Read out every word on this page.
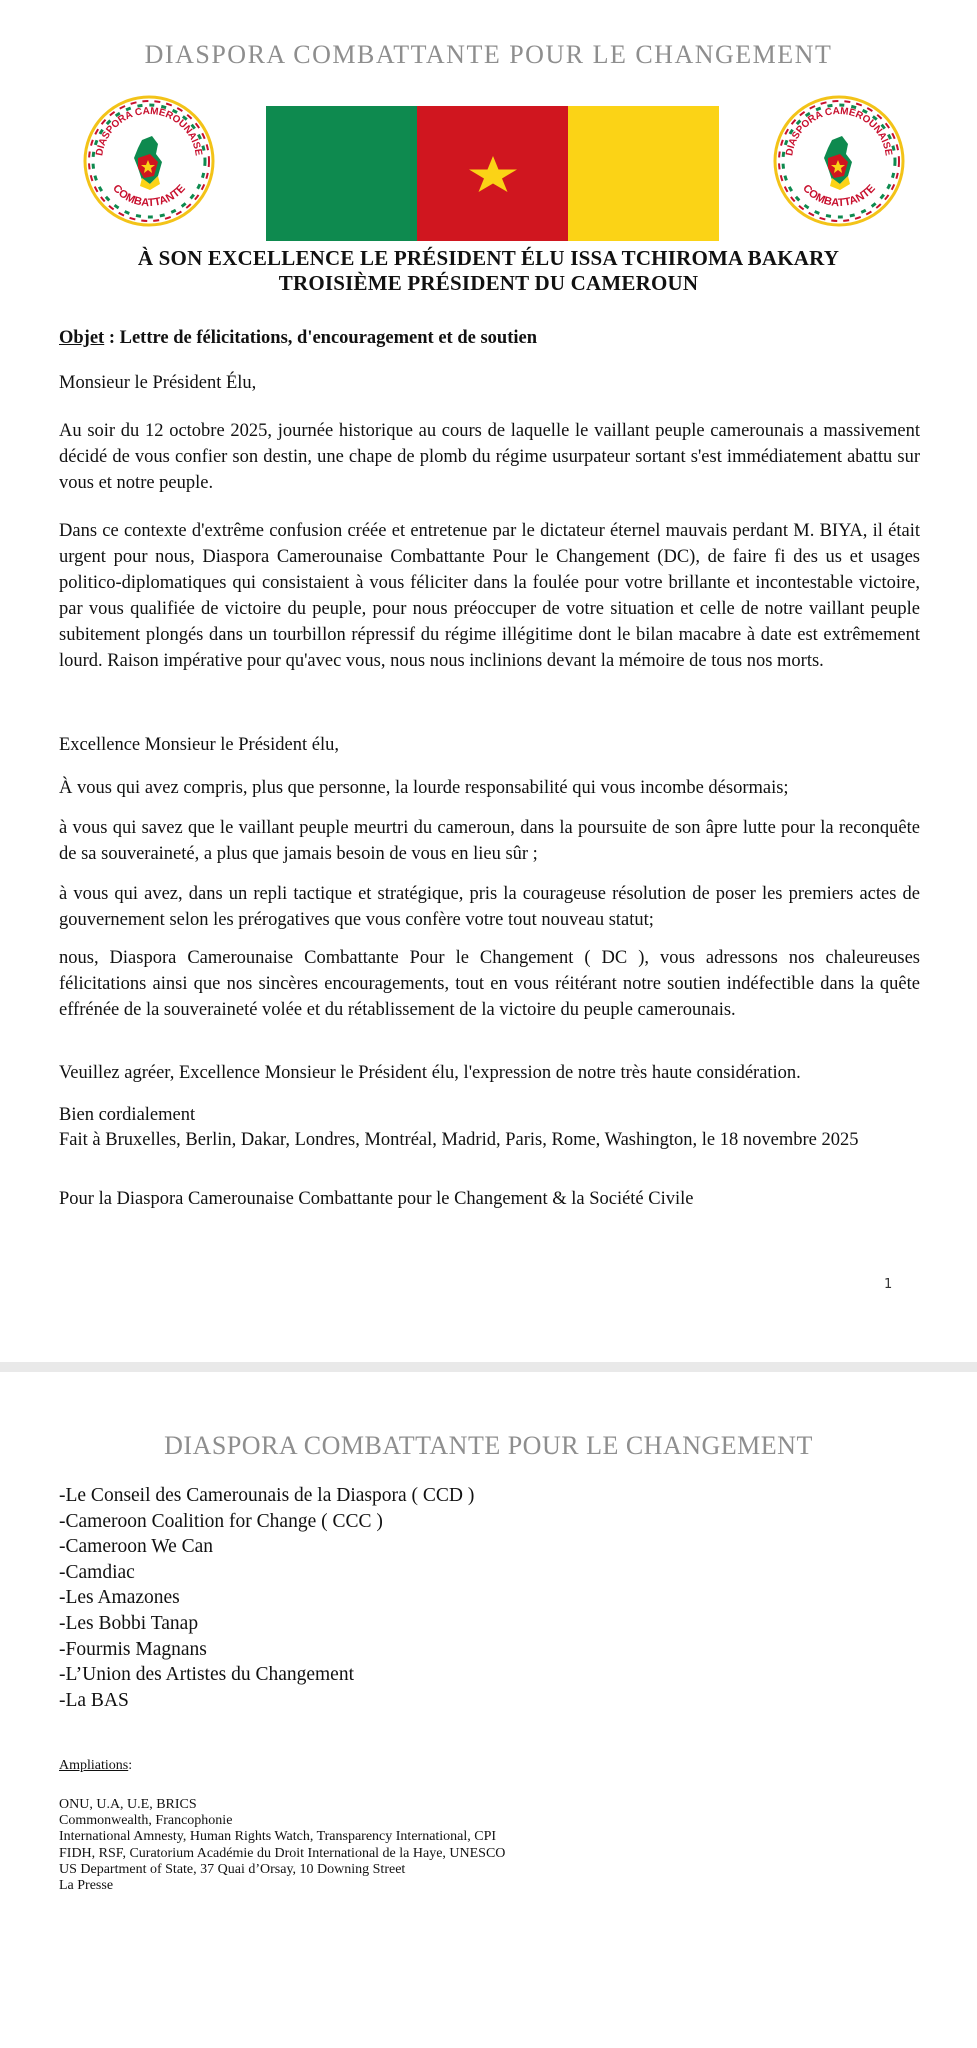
DIASPORA COMBATTANTE POUR LE CHANGEMENT
DIASPORA CAMEROUNAISE
COMBATTANTE
DIASPORA CAMEROUNAISE
COMBATTANTE
À SON EXCELLENCE LE PRÉSIDENT ÉLU ISSA TCHIROMA BAKARY
TROISIÈME PRÉSIDENT DU CAMEROUN

Objet : Lettre de félicitations, d'encouragement et de soutien

Monsieur le Président Élu,

Au soir du 12 octobre 2025, journée historique au cours de laquelle le vaillant peuple camerounais a massivement décidé de vous confier son destin, une chape de plomb du régime usurpateur sortant s'est immédiatement abattu sur vous et notre peuple.

Dans ce contexte d'extrême confusion créée et entretenue par le dictateur éternel mauvais perdant M. BIYA, il était urgent pour nous, Diaspora Camerounaise Combattante Pour le Changement (DC), de faire fi des us et usages politico-diplomatiques qui consistaient à vous féliciter dans la foulée pour votre brillante et incontestable victoire, par vous qualifiée de victoire du peuple, pour nous préoccuper de votre situation et celle de notre vaillant peuple subitement plongés dans un tourbillon répressif du régime illégitime dont le bilan macabre à date est extrêmement lourd. Raison impérative pour qu'avec vous, nous nous inclinions devant la mémoire de tous nos morts.

Excellence Monsieur le Président élu,

À vous qui avez compris, plus que personne, la lourde responsabilité qui vous incombe désormais;

à vous qui savez que le vaillant peuple meurtri du cameroun, dans la poursuite de son âpre lutte pour la reconquête de sa souveraineté, a plus que jamais besoin de vous en lieu sûr ;

à vous qui avez, dans un repli tactique et stratégique, pris la courageuse résolution de poser les premiers actes de gouvernement selon les prérogatives que vous confère votre tout nouveau statut;

nous, Diaspora Camerounaise Combattante Pour le Changement ( DC ), vous adressons nos chaleureuses félicitations ainsi que nos sincères encouragements, tout en vous réitérant notre soutien indéfectible dans la quête effrénée de la souveraineté volée et du rétablissement de la victoire du peuple camerounais.

Veuillez agréer, Excellence Monsieur le Président élu, l'expression de notre très haute considération.

Bien cordialement

Fait à Bruxelles, Berlin, Dakar, Londres, Montréal, Madrid, Paris, Rome, Washington, le 18 novembre 2025

Pour la Diaspora Camerounaise Combattante pour le Changement & la Société Civile

1
DIASPORA COMBATTANTE POUR LE CHANGEMENT
-Le Conseil des Camerounais de la Diaspora ( CCD )
-Cameroon Coalition for Change ( CCC )
-Cameroon We Can
-Camdiac
-Les Amazones
-Les Bobbi Tanap
-Fourmis Magnans
-L’Union des Artistes du Changement
-La BAS
Ampliations:
ONU, U.A, U.E, BRICS
Commonwealth, Francophonie
International Amnesty, Human Rights Watch, Transparency International, CPI
FIDH, RSF, Curatorium Académie du Droit International de la Haye, UNESCO
US Department of State, 37 Quai d’Orsay, 10 Downing Street
La Presse
